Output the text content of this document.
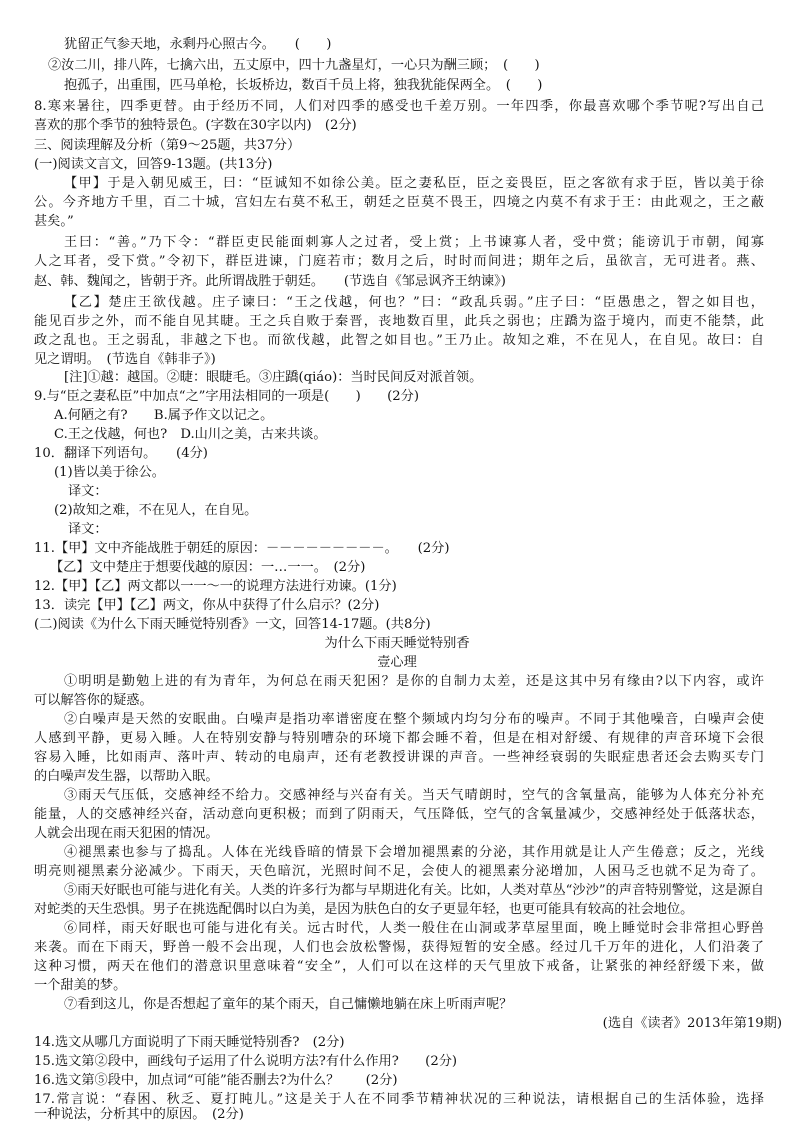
犹留正气参天地，永剩丹心照古今。　　(　　)
②汝二川，排八阵，七擒六出，五丈原中，四十九盏星灯，一心只为酬三顾；　(　　)
抱孤子，出重围，匹马单枪，长坂桥边，数百千员上将，独我犹能保两全。　(　　)
8.寒来暑往，四季更替。由于经历不同，人们对四季的感受也千差万别。一年四季，你最喜欢哪个季节呢?写出自己
喜欢的那个季节的独特景色。(字数在30字以内)　(2分)
三、阅读理解及分析（第9～25题，共37分）
(一)阅读文言文，回答9-13题。(共13分)
【甲】于是入朝见威王，曰：“臣诚知不如徐公美。臣之妻私臣，臣之妾畏臣，臣之客欲有求于臣，皆以美于徐
公。今齐地方千里，百二十城，宫妇左右莫不私王，朝廷之臣莫不畏王，四境之内莫不有求于王：由此观之，王之蔽
甚矣。”
王曰：“善。”乃下令：“群臣吏民能面刺寡人之过者，受上赏；上书谏寡人者，受中赏；能谤讥于市朝，闻寡
人之耳者，受下赏。”令初下，群臣进谏，门庭若市；数月之后，时时而间进；期年之后，虽欲言，无可进者。燕、
赵、韩、魏闻之，皆朝于齐。此所谓战胜于朝廷。　　(节选自《邹忌讽齐王纳谏》)
【乙】楚庄王欲伐越。庄子谏曰：“王之伐越，何也？”曰：“政乱兵弱。”庄子曰：“臣愚患之，智之如目也，
能见百步之外，而不能自见其睫。王之兵自败于秦晋，丧地数百里，此兵之弱也；庄蹻为盗于境内，而吏不能禁，此
政之乱也。王之弱乱，非越之下也。而欲伐越，此智之如目也。”王乃止。故知之难，不在见人，在自见。故曰：自
见之谓明。　(节选自《韩非子》)
[注]①越：越国。②睫：眼睫毛。③庄蹻(qiáo)：当时民间反对派首领。
9.与“臣之妻私臣”中加点“之”字用法相同的一项是(　　)　　(2分)
A.何陋之有?　　B.属予作文以记之。
C.王之伐越，何也?　D.山川之美，古来共谈。
10．翻译下列语句。　　(4分)
(1)皆以美于徐公。
译文：
(2)故知之难，不在见人，在自见。
译文：
11.【甲】文中齐能战胜于朝廷的原因：－－－－－－－－－。　　(2分)
【乙】文中楚庄于想要伐越的原因：一…一一。　(2分)
12.【甲】【乙】两文都以一一～一的说理方法进行劝谏。(1分)
13．读完【甲】【乙】两文，你从中获得了什么启示？(2分)
(二)阅读《为什么下雨天睡觉特别香》一文，回答14-17题。(共8分)
为什么下雨天睡觉特别香
壹心理
①明明是勤勉上进的有为青年，为何总在雨天犯困？是你的自制力太差，还是这其中另有缘由?以下内容，或许
可以解答你的疑惑。
②白噪声是天然的安眠曲。白噪声是指功率谱密度在整个频域内均匀分布的噪声。不同于其他噪音，白噪声会使
人感到平静，更易入睡。人在特别安静与特别嘈杂的环境下都会睡不着，但是在相对舒缓、有规律的声音环境下会很
容易入睡，比如雨声、落叶声、转动的电扇声，还有老教授讲课的声音。一些神经衰弱的失眠症患者还会去购买专门
的白噪声发生器，以帮助入眠。
③雨天气压低，交感神经不给力。交感神经与兴奋有关。当天气晴朗时，空气的含氧量高，能够为人体充分补充
能量，人的交感神经兴奋，活动意向更积极；而到了阴雨天，气压降低，空气的含氧量减少，交感神经处于低落状态，
人就会出现在雨天犯困的情况。
④褪黑素也参与了捣乱。人体在光线昏暗的情景下会增加褪黑素的分泌，其作用就是让人产生倦意；反之，光线
明亮则褪黑素分泌减少。下雨天，天色暗沉，光照时间不足，会使人的褪黑素分泌增加，人困马乏也就不足为奇了。
⑤雨天好眠也可能与进化有关。人类的许多行为都与早期进化有关。比如，人类对草丛“沙沙”的声音特别警觉，这是源自
对蛇类的天生恐惧。男子在挑选配偶时以白为美，是因为肤色白的女子更显年轻，也更可能具有较高的社会地位。
⑥同样，雨天好眠也可能与进化有关。远古时代，人类一般住在山洞或茅草屋里面，晚上睡觉时会非常担心野兽
来袭。而在下雨天，野兽一般不会出现，人们也会放松警惕，获得短暂的安全感。经过几千万年的进化，人们沿袭了
这种习惯，两天在他们的潜意识里意味着“安全”，人们可以在这样的天气里放下戒备，让紧张的神经舒缓下来，做
一个甜美的梦。
⑦看到这儿，你是否想起了童年的某个雨天，自己慵懒地躺在床上听雨声呢？
(选自《读者》2013年第19期)
14.选文从哪几方面说明了下雨天睡觉特别香?　(2分)
15.选文第②段中，画线句子运用了什么说明方法?有什么作用?　　(2分)
16.选文第⑤段中，加点词“可能”能否删去?为什么？　　(2分)
17.常言说：“春困、秋乏、夏打盹儿。”这是关于人在不同季节精神状况的三种说法，请根据自己的生活体验，选择
一种说法，分析其中的原因。　(2分)
